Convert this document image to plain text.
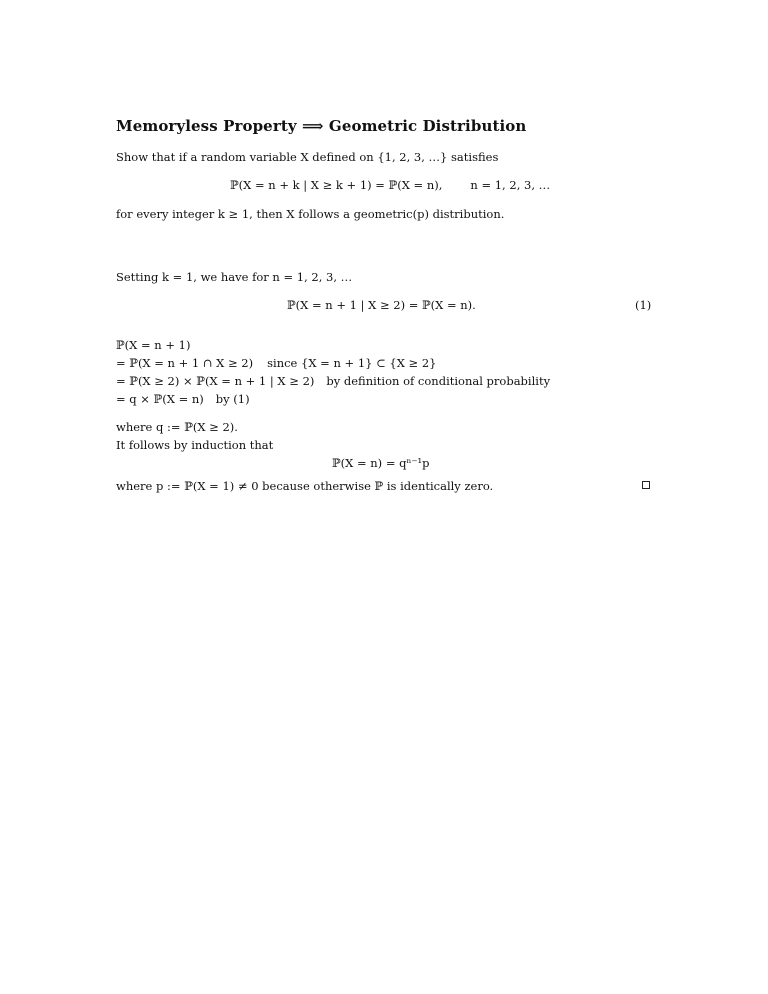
Memoryless Property ⟹ Geometric Distribution
Show that if a random variable X defined on {1, 2, 3, …} satisfies
ℙ(X = n + k | X ≥ k + 1) = ℙ(X = n), n = 1, 2, 3, …
for every integer k ≥ 1, then X follows a geometric(p) distribution.
Setting k = 1, we have for n = 1, 2, 3, …
ℙ(X = n + 1 | X ≥ 2) = ℙ(X = n).	(1)
ℙ(X = n + 1)
= ℙ(X = n + 1 ∩ X ≥ 2) since {X = n + 1} ⊂ {X ≥ 2}
= ℙ(X ≥ 2) × ℙ(X = n + 1 | X ≥ 2) by definition of conditional probability
= q × ℙ(X = n) by (1)
where q := ℙ(X ≥ 2).
It follows by induction that
ℙ(X = n) = qⁿ⁻¹p
where p := ℙ(X = 1) ≠ 0 because otherwise ℙ is identically zero.
